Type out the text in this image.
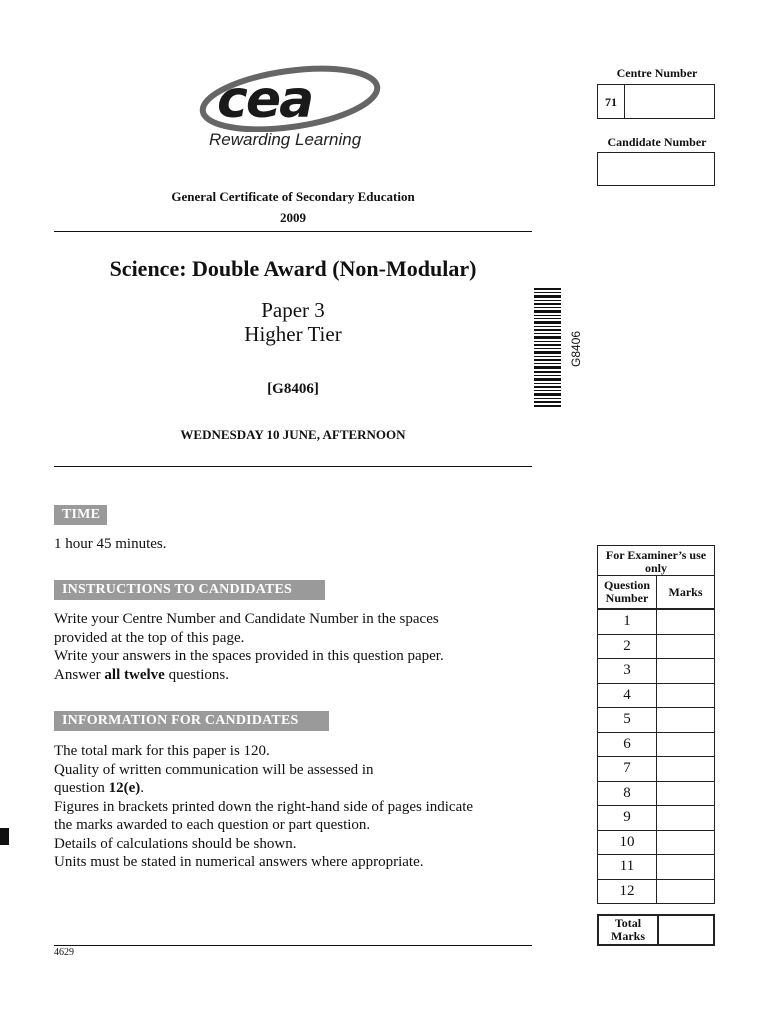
cea
Rewarding Learning
Centre Number
71
Candidate Number
General Certificate of Secondary Education
2009
Science: Double Award (Non-Modular)
Paper 3
Higher Tier
[G8406]
G8406
WEDNESDAY 10 JUNE, AFTERNOON
TIME
1 hour 45 minutes.
INSTRUCTIONS TO CANDIDATES
Write your Centre Number and Candidate Number in the spaces
provided at the top of this page.
Write your answers in the spaces provided in this question paper.
Answer all twelve questions.
INFORMATION FOR CANDIDATES
The total mark for this paper is 120.
Quality of written communication will be assessed in
question 12(e).
Figures in brackets printed down the right-hand side of pages indicate
the marks awarded to each question or part question.
Details of calculations should be shown.
Units must be stated in numerical answers where appropriate.
4629
For Examiner’s use only
Question Number	Marks
1	
2	
3	
4	
5	
6	
7	
8	
9	
10	
11	
12	
Total Marks	
